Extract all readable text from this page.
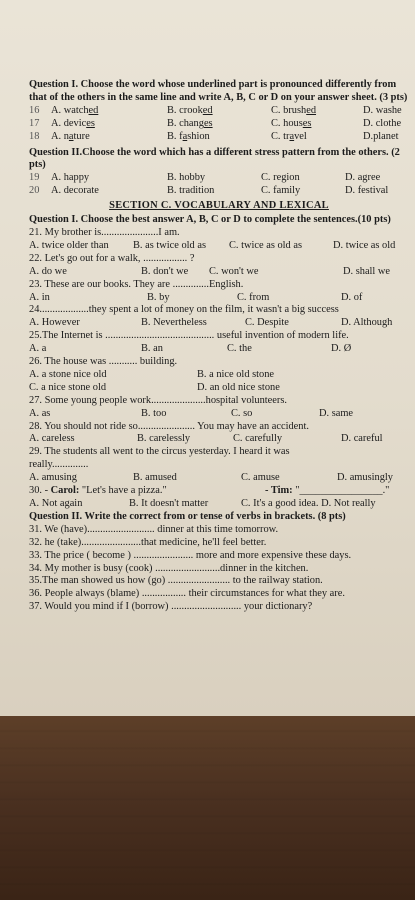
Question I. Choose the word whose underlined part is pronounced differently from that of the others in the same line and write A, B, C or D on your answer sheet. (3 pts)
16	A. watched	B. crooked	C. brushed	D. washe
17	A. devices	B. changes	C. houses	D. clothe
18	A. nature	B. fashion	C. travel	D.planet
Question II.Choose the word which has a different stress pattern from the others. (2 pts)
19	A. happy	B. hobby	C. region	D. agree
20	A. decorate	B. tradition	C. family	D. festival
SECTION C. VOCABULARY AND LEXICAL
Question I. Choose the best answer A, B, C or D to complete the sentences.(10 pts)
21. My brother is......................I am.
A. twice older than	B. as twice old as	C. twice as old as	D. twice as old
22. Let's go out for a walk, ................. ?
A. do we	B. don't we	C. won't we	D. shall we
23. These are our books. They are ..............English.
A. in	B. by	C. from	D. of
24...................they spent a lot of money on the film, it wasn't a big success
A. However	B. Nevertheless	C. Despite	D. Although
25.The Internet is .......................................... useful invention of modern life.
A. a	B. an	C. the	D. Ø
26. The house was ........... building.
A. a stone nice old	B. a nice old stone
C. a nice stone old	D. an old nice stone
27. Some young people work.....................hospital volunteers.
A. as	B. too	C. so	D. same
28. You should not ride so...................... You may have an accident.
A. careless	B. carelessly	C. carefully	D. careful
29. The students all went to the circus yesterday. I heard it was
really..............
A. amusing	B. amused	C. amuse	D. amusingly
30. - Carol: "Let's have a pizza."	- Tim: "________________."
A. Not again	B. It doesn't matter	C. It's a good idea. D. Not really
Question II. Write the correct from or tense of verbs in brackets. (8 pts)
31. We (have).......................... dinner at this time tomorrow.
32. he (take).......................that medicine, he'll feel better.
33. The price ( become ) ....................... more and more expensive these days.
34. My mother is busy (cook) .........................dinner in the kitchen.
35.The man showed us how (go) ........................ to the railway station.
36. People always (blame) ................. their circumstances for what they are.
37. Would you mind if I (borrow) ........................... your dictionary?
